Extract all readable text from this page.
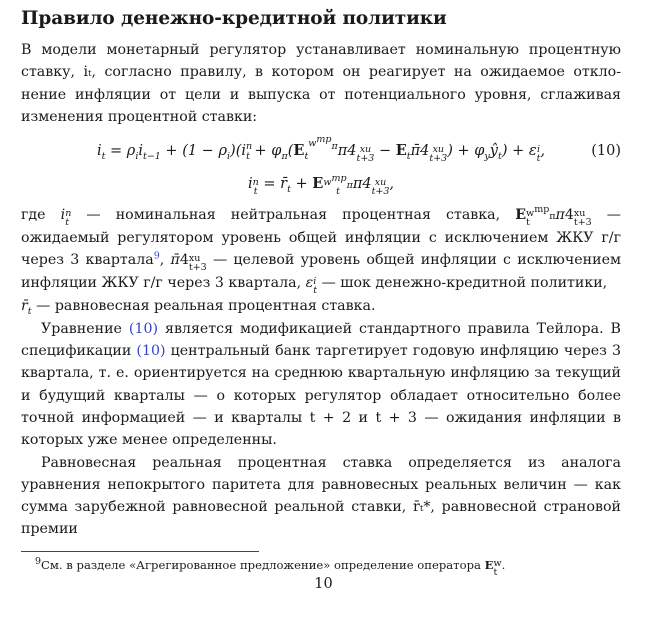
Правило денежно-кредитной политики

В модели монетарный регулятор устанавливает номинальную процентную ставку, iₜ, согласно правилу, в котором он реагирует на ожидаемое откло-нение инфляции от цели и выпуска от потенциального уровня, сглаживая изменения процентной ставки:

$i_t = \rho_ii_{t-1} + (1 - \rho_i)(i^n_t + \varphi_\pi(E_t^{w^{mp}_\pi}\pi 4$ xu
$t+3 - E_t\pī4$ xu
t+3 ) + $\varphi_yŷ_t) + \varepsilon$ i
t ,	(10)
i n
$t = r̄_t + E$ $w^{mp}_\pi$
t π4 xu
t+3 ,

где i n
t — номинальная нейтральная процентная ставка, E $w^{mp}_\pi$
t	π4 xu
t+3 — ожидаемый регулятором уровень общей инфляции с исключением ЖКУ г/г через 3 квартала$^9$, π̄4 xu
t+3 — целевой уровень общей инфляции с исключением инфляции ЖКУ г/г через 3 квартала, ε i
t — шок денежно-кредитной политики,
$r̄_t$ — равновесная реальная процентная ставка.

Уравнение (10) является модификацией стандартного правила Тейлора. В спецификации (10) центральный банк таргетирует годовую инфляцию через 3 квартала, т. е. ориентируется на среднюю квартальную инфляцию за текущий и будущий кварталы — о которых регулятор обладает относительно более точной информацией — и кварталы t + 2 и t + 3 — ожидания инфляции в которых уже менее определенны.

Равновесная реальная процентная ставка определяется из аналога уравнения непокрытого паритета для равновесных реальных величин — как сумма зарубежной равновесной реальной ставки, r̄ₜ*, равновесной страновой премии

$^9$См. в разделе «Агрегированное предложение» определение оператора E w
t
.
10
